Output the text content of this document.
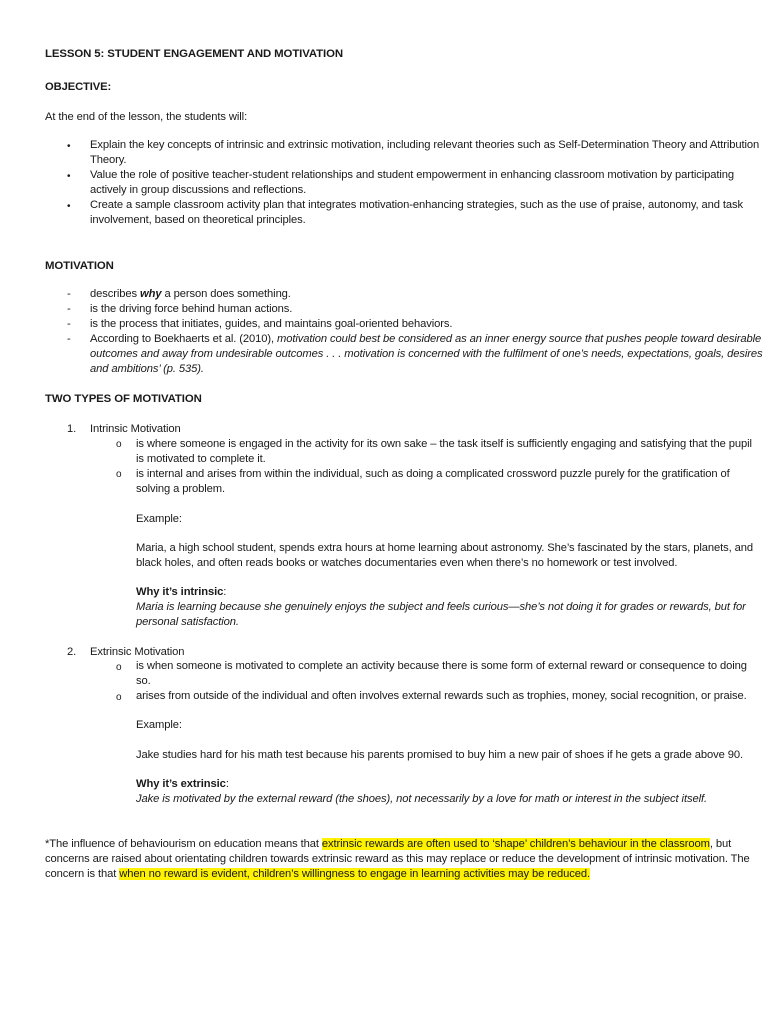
LESSON 5: STUDENT ENGAGEMENT AND MOTIVATION
OBJECTIVE:
At the end of the lesson, the students will:
• Explain the key concepts of intrinsic and extrinsic motivation, including relevant theories such as Self-Determination Theory and Attribution
Theory.
• Value the role of positive teacher-student relationships and student empowerment in enhancing classroom motivation by participating
actively in group discussions and reflections.
• Create a sample classroom activity plan that integrates motivation-enhancing strategies, such as the use of praise, autonomy, and task
involvement, based on theoretical principles.
MOTIVATION
- describes why a person does something.
- is the driving force behind human actions.
- is the process that initiates, guides, and maintains goal-oriented behaviors.
- According to Boekhaerts et al. (2010), motivation could best be considered as an inner energy source that pushes people toward desirable
outcomes and away from undesirable outcomes . . . motivation is concerned with the fulfilment of one’s needs, expectations, goals, desires
and ambitions’ (p. 535).
TWO TYPES OF MOTIVATION
1. Intrinsic Motivation
o is where someone is engaged in the activity for its own sake – the task itself is sufficiently engaging and satisfying that the pupil
is motivated to complete it.
o is internal and arises from within the individual, such as doing a complicated crossword puzzle purely for the gratification of
solving a problem.
Example:
Maria, a high school student, spends extra hours at home learning about astronomy. She’s fascinated by the stars, planets, and
black holes, and often reads books or watches documentaries even when there’s no homework or test involved.
Why it’s intrinsic:
Maria is learning because she genuinely enjoys the subject and feels curious—she’s not doing it for grades or rewards, but for
personal satisfaction.
2. Extrinsic Motivation
o is when someone is motivated to complete an activity because there is some form of external reward or consequence to doing
so.
o arises from outside of the individual and often involves external rewards such as trophies, money, social recognition, or praise.
Example:
Jake studies hard for his math test because his parents promised to buy him a new pair of shoes if he gets a grade above 90.
Why it’s extrinsic:
Jake is motivated by the external reward (the shoes), not necessarily by a love for math or interest in the subject itself.
*The influence of behaviourism on education means that extrinsic rewards are often used to ‘shape’ children’s behaviour in the classroom, but
concerns are raised about orientating children towards extrinsic reward as this may replace or reduce the development of intrinsic motivation. The
concern is that when no reward is evident, children’s willingness to engage in learning activities may be reduced.
